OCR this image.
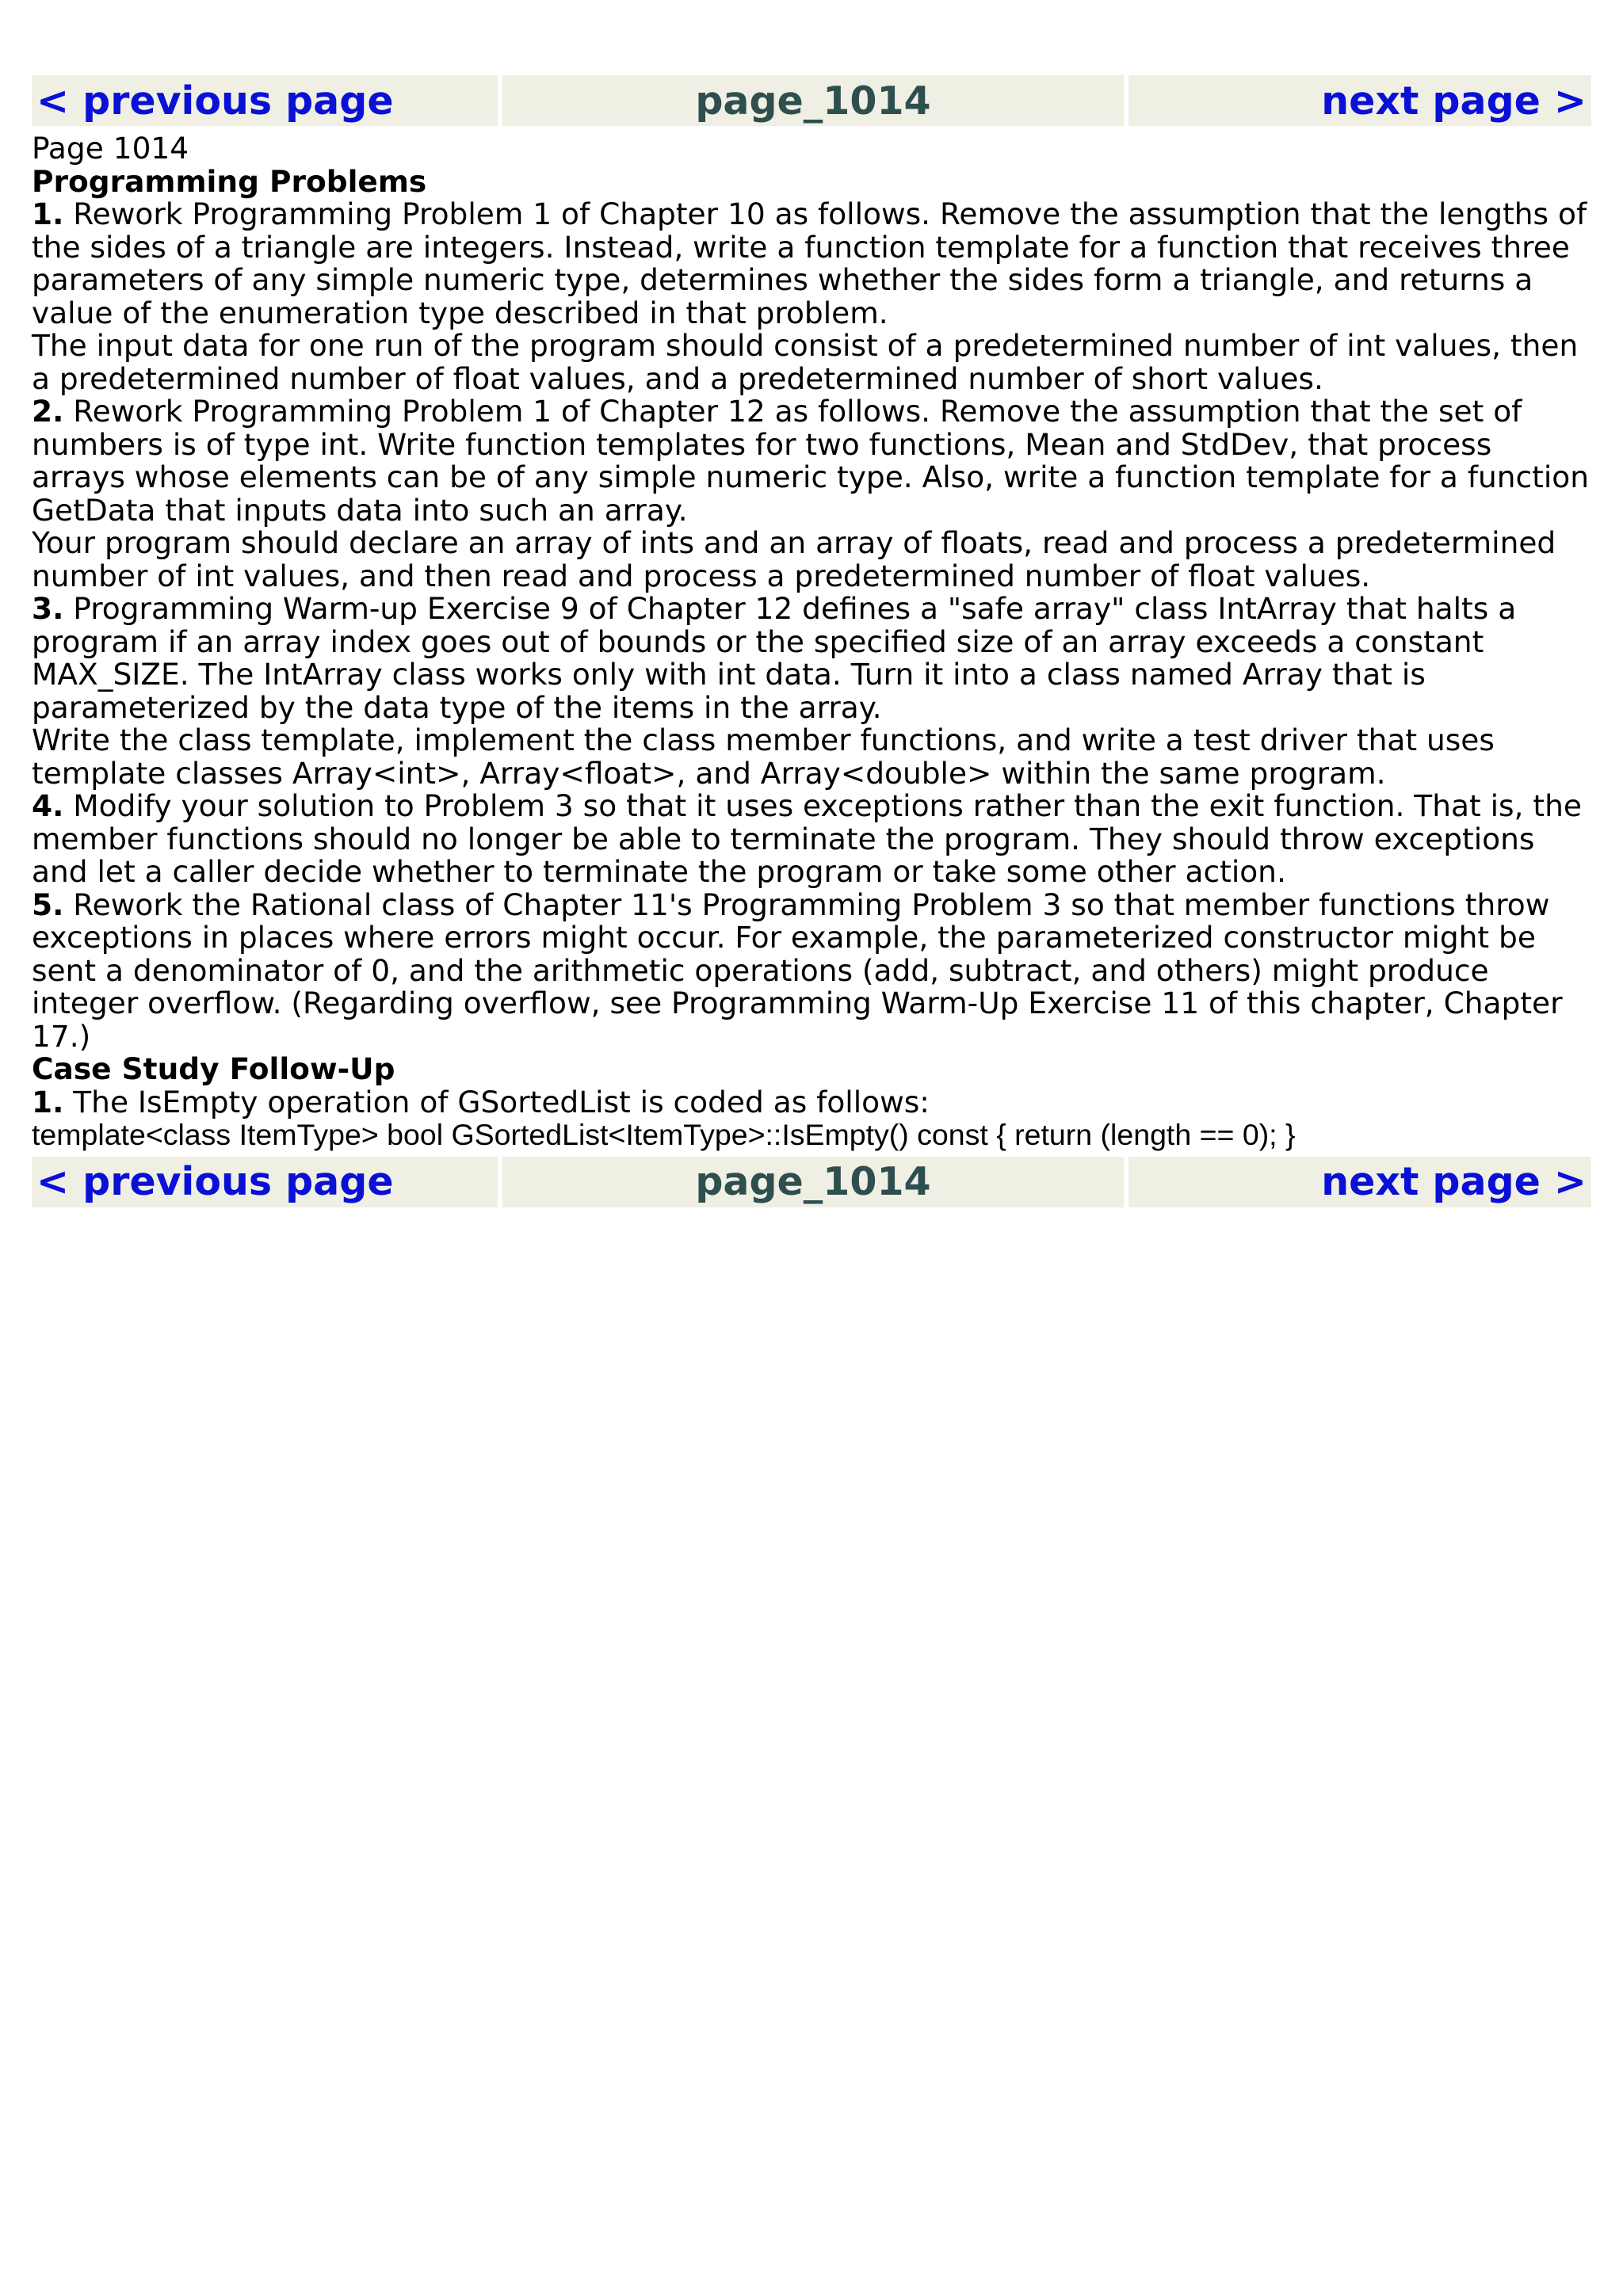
< previous page	page_1014	next page >

Page 1014

Programming Problems

1. Rework Programming Problem 1 of Chapter 10 as follows. Remove the assumption that the lengths of the sides of a triangle are integers. Instead, write a function template for a function that receives three parameters of any simple numeric type, determines whether the sides form a triangle, and returns a value of the enumeration type described in that problem.

The input data for one run of the program should consist of a predetermined number of int values, then a predetermined number of float values, and a predetermined number of short values.

2. Rework Programming Problem 1 of Chapter 12 as follows. Remove the assumption that the set of numbers is of type int. Write function templates for two functions, Mean and StdDev, that process arrays whose elements can be of any simple numeric type. Also, write a function template for a function GetData that inputs data into such an array.

Your program should declare an array of ints and an array of floats, read and process a predetermined number of int values, and then read and process a predetermined number of float values.

3. Programming Warm-up Exercise 9 of Chapter 12 defines a "safe array" class IntArray that halts a program if an array index goes out of bounds or the specified size of an array exceeds a constant MAX_SIZE. The IntArray class works only with int data. Turn it into a class named Array that is parameterized by the data type of the items in the array.

Write the class template, implement the class member functions, and write a test driver that uses template classes Array<int>, Array<float>, and Array<double> within the same program.

4. Modify your solution to Problem 3 so that it uses exceptions rather than the exit function. That is, the member functions should no longer be able to terminate the program. They should throw exceptions and let a caller decide whether to terminate the program or take some other action.

5. Rework the Rational class of Chapter 11's Programming Problem 3 so that member functions throw exceptions in places where errors might occur. For example, the parameterized constructor might be sent a denominator of 0, and the arithmetic operations (add, subtract, and others) might produce integer overflow. (Regarding overflow, see Programming Warm-Up Exercise 11 of this chapter, Chapter 17.)

Case Study Follow-Up

1. The IsEmpty operation of GSortedList is coded as follows:

template<class ItemType> bool GSortedList<ItemType>::IsEmpty() const { return (length == 0); }

< previous page	page_1014	next page >
